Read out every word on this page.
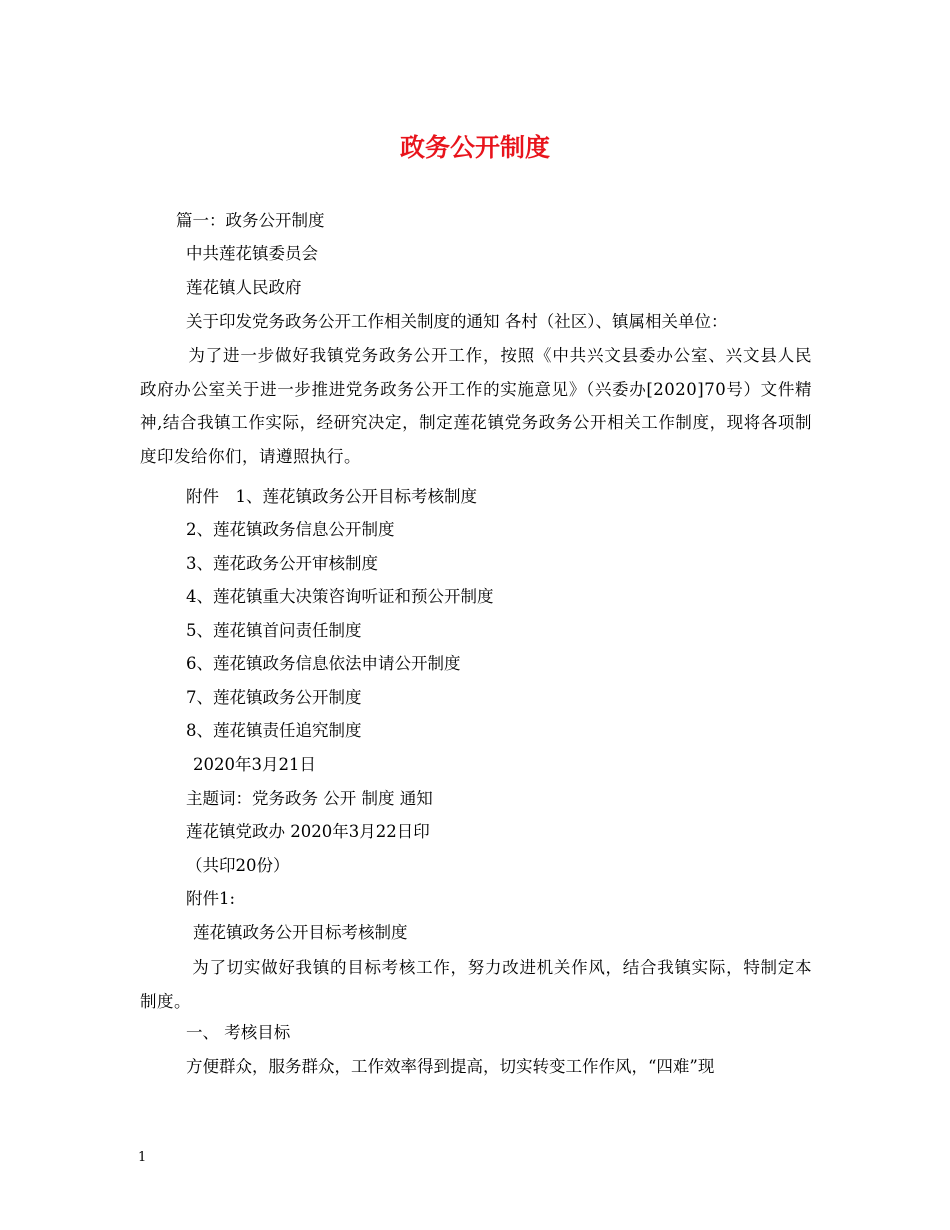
政务公开制度

篇一：政务公开制度

中共莲花镇委员会

莲花镇人民政府

关于印发党务政务公开工作相关制度的通知 各村（社区）、镇属相关单位：

为了进一步做好我镇党务政务公开工作，按照《中共兴文县委办公室、兴文县人民政府办公室关于进一步推进党务政务公开工作的实施意见》（兴委办[2020]70号）文件精神,结合我镇工作实际，经研究决定，制定莲花镇党务政务公开相关工作制度，现将各项制度印发给你们，请遵照执行。

附件　1、莲花镇政务公开目标考核制度

2、莲花镇政务信息公开制度

3、莲花政务公开审核制度

4、莲花镇重大决策咨询听证和预公开制度

5、莲花镇首问责任制度

6、莲花镇政务信息依法申请公开制度

7、莲花镇政务公开制度

8、莲花镇责任追究制度

2020年3月21日

主题词：党务政务 公开 制度 通知

莲花镇党政办 2020年3月22日印

（共印20份）

附件1:

莲花镇政务公开目标考核制度

为了切实做好我镇的目标考核工作，努力改进机关作风，结合我镇实际，特制定本制度。

一、 考核目标

方便群众，服务群众，工作效率得到提高，切实转变工作作风，“四难”现

1
